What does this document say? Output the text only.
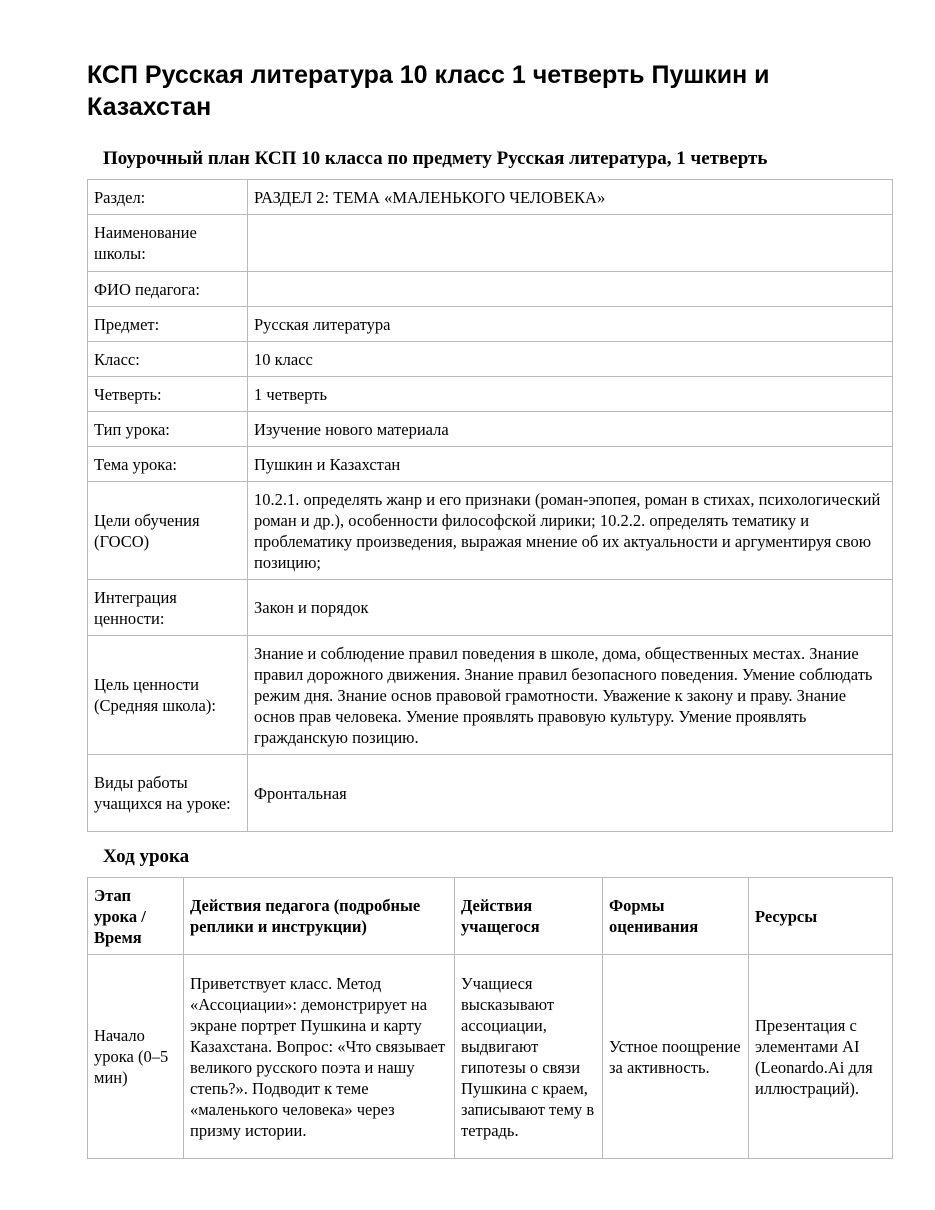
КСП Русская литература 10 класс 1 четверть Пушкин и Казахстан

Поурочный план КСП 10 класса по предмету Русская литература, 1 четверть

Раздел:	РАЗДЕЛ 2: ТЕМА «МАЛЕНЬКОГО ЧЕЛОВЕКА»
Наименование школы:	
ФИО педагога:	
Предмет:	Русская литература
Класс:	10 класс
Четверть:	1 четверть
Тип урока:	Изучение нового материала
Тема урока:	Пушкин и Казахстан
Цели обучения (ГОСО)	10.2.1. определять жанр и его признаки (роман-эпопея, роман в стихах, психологический роман и др.), особенности философской лирики; 10.2.2. определять тематику и проблематику произведения, выражая мнение об их актуальности и аргументируя свою позицию;
Интеграция ценности:	Закон и порядок
Цель ценности (Средняя школа):	Знание и соблюдение правил поведения в школе, дома, общественных местах. Знание правил дорожного движения. Знание правил безопасного поведения. Умение соблюдать режим дня. Знание основ правовой грамотности. Уважение к закону и праву. Знание основ прав человека. Умение проявлять правовую культуру. Умение проявлять гражданскую позицию.
Виды работы учащихся на уроке:	Фронтальная

Ход урока

Этап урока / Время	Действия педагога (подробные реплики и инструкции)	Действия учащегося	Формы оценивания	Ресурсы
Начало урока (0–5 мин)	Приветствует класс. Метод «Ассоциации»: демонстрирует на экране портрет Пушкина и карту Казахстана. Вопрос: «Что связывает великого русского поэта и нашу степь?». Подводит к теме «маленького человека» через призму истории.	Учащиеся высказывают ассоциации, выдвигают гипотезы о связи Пушкина с краем, записывают тему в тетрадь.	Устное поощрение за активность.	Презентация с элементами AI (Leonardo.Ai для иллюстраций).
